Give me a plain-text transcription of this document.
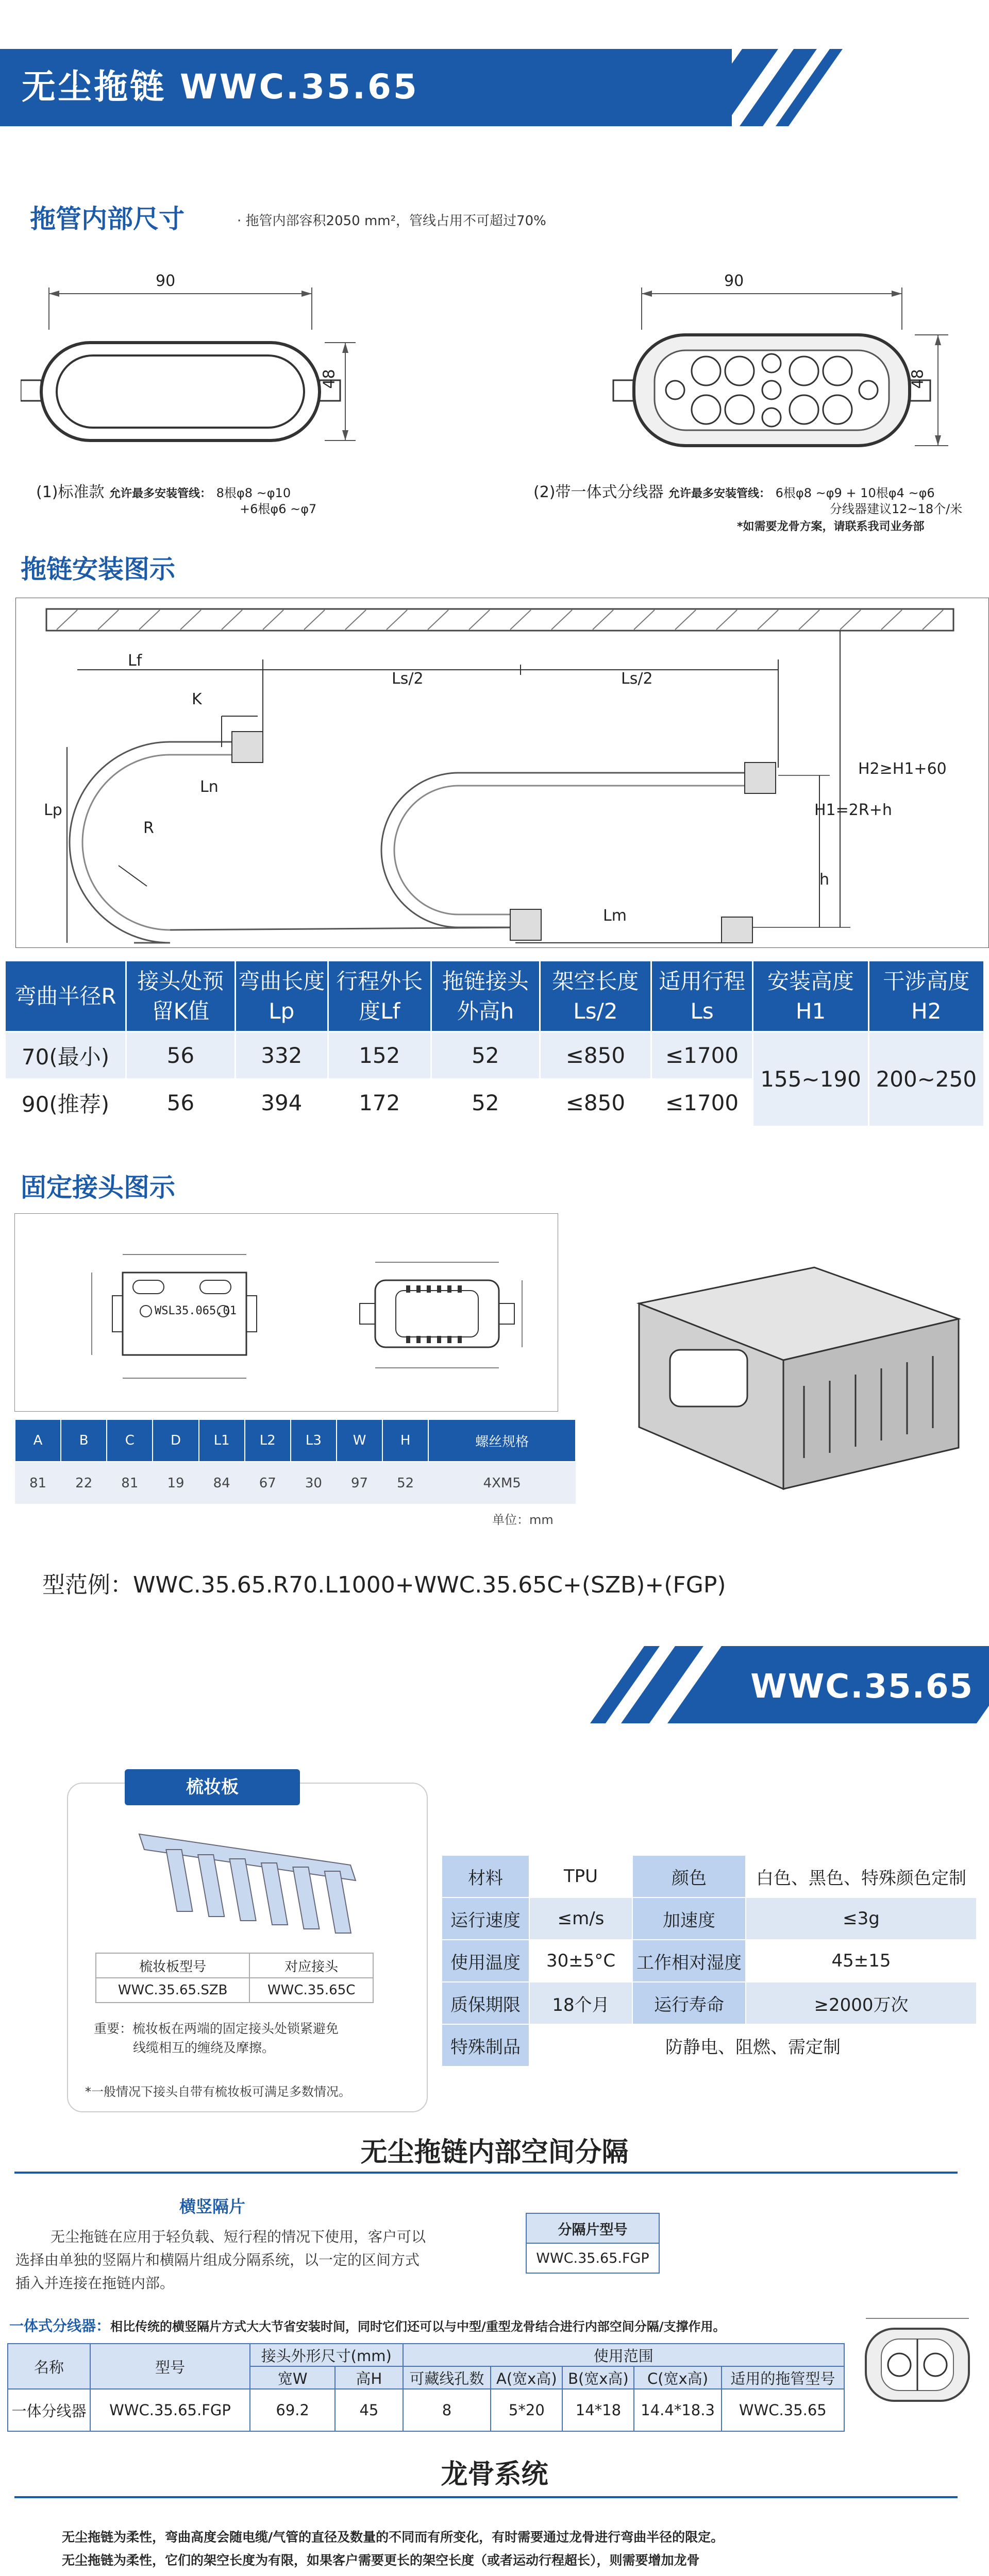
无尘拖链 WWC.35.65
拖管内部尺寸	· 拖管内部容积2050 mm²，管线占用不可超过70%
90	90
48	48
(1)标准款 允许最多安装管线： 8根φ8 ~φ10
+6根φ6 ~φ7
(2)带一体式分线器 允许最多安装管线： 6根φ8 ~φ9 + 10根φ4 ~φ6
分线器建议12~18个/米
*如需要龙骨方案，请联系我司业务部
拖链安装图示
Lf
K
Ln
Ls/2	Ls/2
Lp
R
H2≥H1+60
H1=2R+h
h
Lm
弯曲半径R	接头处预留K值	弯曲长度Lp	行程外长度Lf	拖链接头外高h	架空长度Ls/2	适用行程Ls	安装高度H1	干涉高度H2
70(最小)	56	332	152	52	≤850	≤1700	155~190	200~250
90(推荐)	56	394	172	52	≤850	≤1700		
固定接头图示
WSL35.065.01
A	B	C	D	L1	L2	L3	W	H	螺丝规格
81	22	81	19	84	67	30	97	52	4XM5
单位：mm
型范例：WWC.35.65.R70.L1000+WWC.35.65C+(SZB)+(FGP)
WWC.35.65
梳妆板
梳妆板型号	对应接头
WWC.35.65.SZB	WWC.35.65C
重要：梳妆板在两端的固定接头处锁紧避免
线缆相互的缠绕及摩擦。
*一般情况下接头自带有梳妆板可满足多数情况。
材料	TPU	颜色	白色、黑色、特殊颜色定制
运行速度	≤m/s	加速度	≤3g
使用温度	30±5°C	工作相对湿度	45±15
质保期限	18个月	运行寿命	≥2000万次
特殊制品	防静电、阻燃、需定制		
无尘拖链内部空间分隔
横竖隔片
无尘拖链在应用于轻负载、短行程的情况下使用，客户可以
选择由单独的竖隔片和横隔片组成分隔系统，以一定的区间方式
插入并连接在拖链内部。
分隔片型号
WWC.35.65.FGP
一体式分线器：相比传统的横竖隔片方式大大节省安装时间，同时它们还可以与中型/重型龙骨结合进行内部空间分隔/支撑作用。
名称	型号	接头外形尺寸(mm)		使用范围				
		宽W	高H	可藏线孔数	A(宽x高)	B(宽x高)	C(宽x高)	适用的拖管型号
一体分线器	WWC.35.65.FGP	69.2	45	8	5*20	14*18	14.4*18.3	WWC.35.65
龙骨系统
无尘拖链为柔性，弯曲高度会随电缆/气管的直径及数量的不同而有所变化，有时需要通过龙骨进行弯曲半径的限定。
无尘拖链为柔性，它们的架空长度为有限，如果客户需要更长的架空长度（或者运动行程超长），则需要增加龙骨
